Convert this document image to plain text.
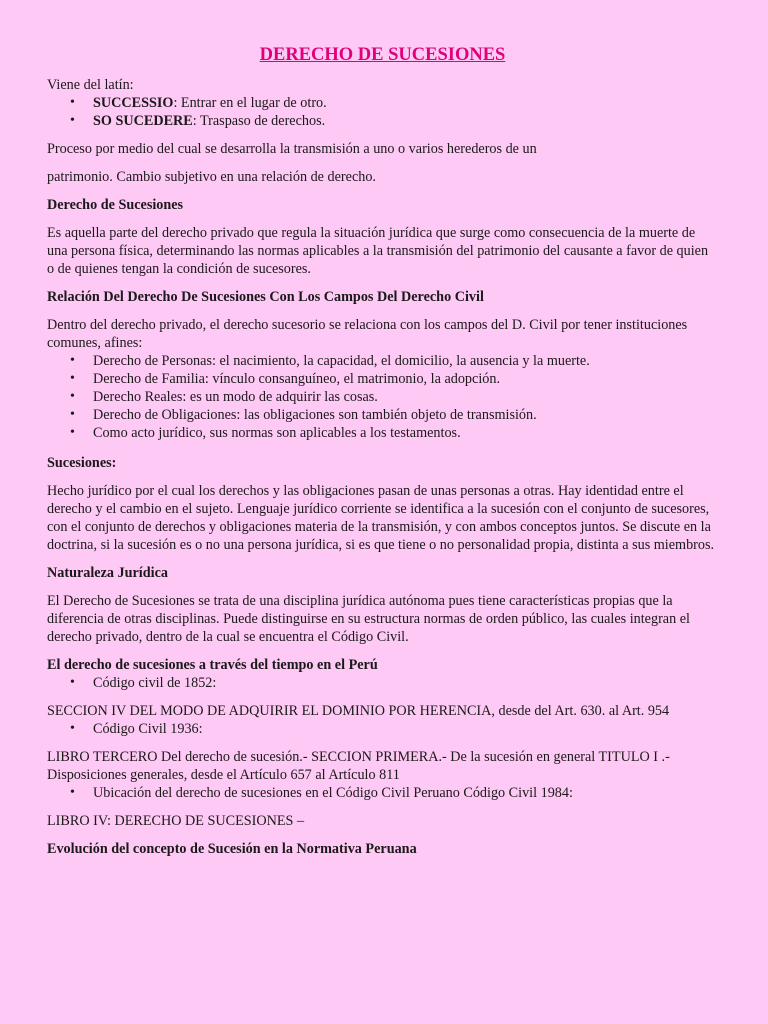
DERECHO DE SUCESIONES

Viene del latín:

• SUCCESSIO: Entrar en el lugar de otro.
• SO SUCEDERE: Traspaso de derechos.

Proceso por medio del cual se desarrolla la transmisión a uno o varios herederos de un

patrimonio. Cambio subjetivo en una relación de derecho.

Derecho de Sucesiones

Es aquella parte del derecho privado que regula la situación jurídica que surge como consecuencia de la muerte de una persona física, determinando las normas aplicables a la transmisión del patrimonio del causante a favor de quien o de quienes tengan la condición de sucesores.

Relación Del Derecho De Sucesiones Con Los Campos Del Derecho Civil

Dentro del derecho privado, el derecho sucesorio se relaciona con los campos del D. Civil por tener instituciones comunes, afines:

• Derecho de Personas: el nacimiento, la capacidad, el domicilio, la ausencia y la muerte.
• Derecho de Familia: vínculo consanguíneo, el matrimonio, la adopción.
• Derecho Reales: es un modo de adquirir las cosas.
• Derecho de Obligaciones: las obligaciones son también objeto de transmisión.
• Como acto jurídico, sus normas son aplicables a los testamentos.

Sucesiones:

Hecho jurídico por el cual los derechos y las obligaciones pasan de unas personas a otras. Hay identidad entre el derecho y el cambio en el sujeto. Lenguaje jurídico corriente se identifica a la sucesión con el conjunto de sucesores, con el conjunto de derechos y obligaciones materia de la transmisión, y con ambos conceptos juntos. Se discute en la doctrina, si la sucesión es o no una persona jurídica, si es que tiene o no personalidad propia, distinta a sus miembros.

Naturaleza Jurídica

El Derecho de Sucesiones se trata de una disciplina jurídica autónoma pues tiene características propias que la diferencia de otras disciplinas. Puede distinguirse en su estructura normas de orden público, las cuales integran el derecho privado, dentro de la cual se encuentra el Código Civil.

El derecho de sucesiones a través del tiempo en el Perú

• Código civil de 1852:

SECCION IV DEL MODO DE ADQUIRIR EL DOMINIO POR HERENCIA, desde del Art. 630. al Art. 954

• Código Civil 1936:

LIBRO TERCERO Del derecho de sucesión.- SECCION PRIMERA.- De la sucesión en general TITULO I .- Disposiciones generales, desde el Artículo 657 al Artículo 811

• Ubicación del derecho de sucesiones en el Código Civil Peruano Código Civil 1984:

LIBRO IV: DERECHO DE SUCESIONES –

Evolución del concepto de Sucesión en la Normativa Peruana
